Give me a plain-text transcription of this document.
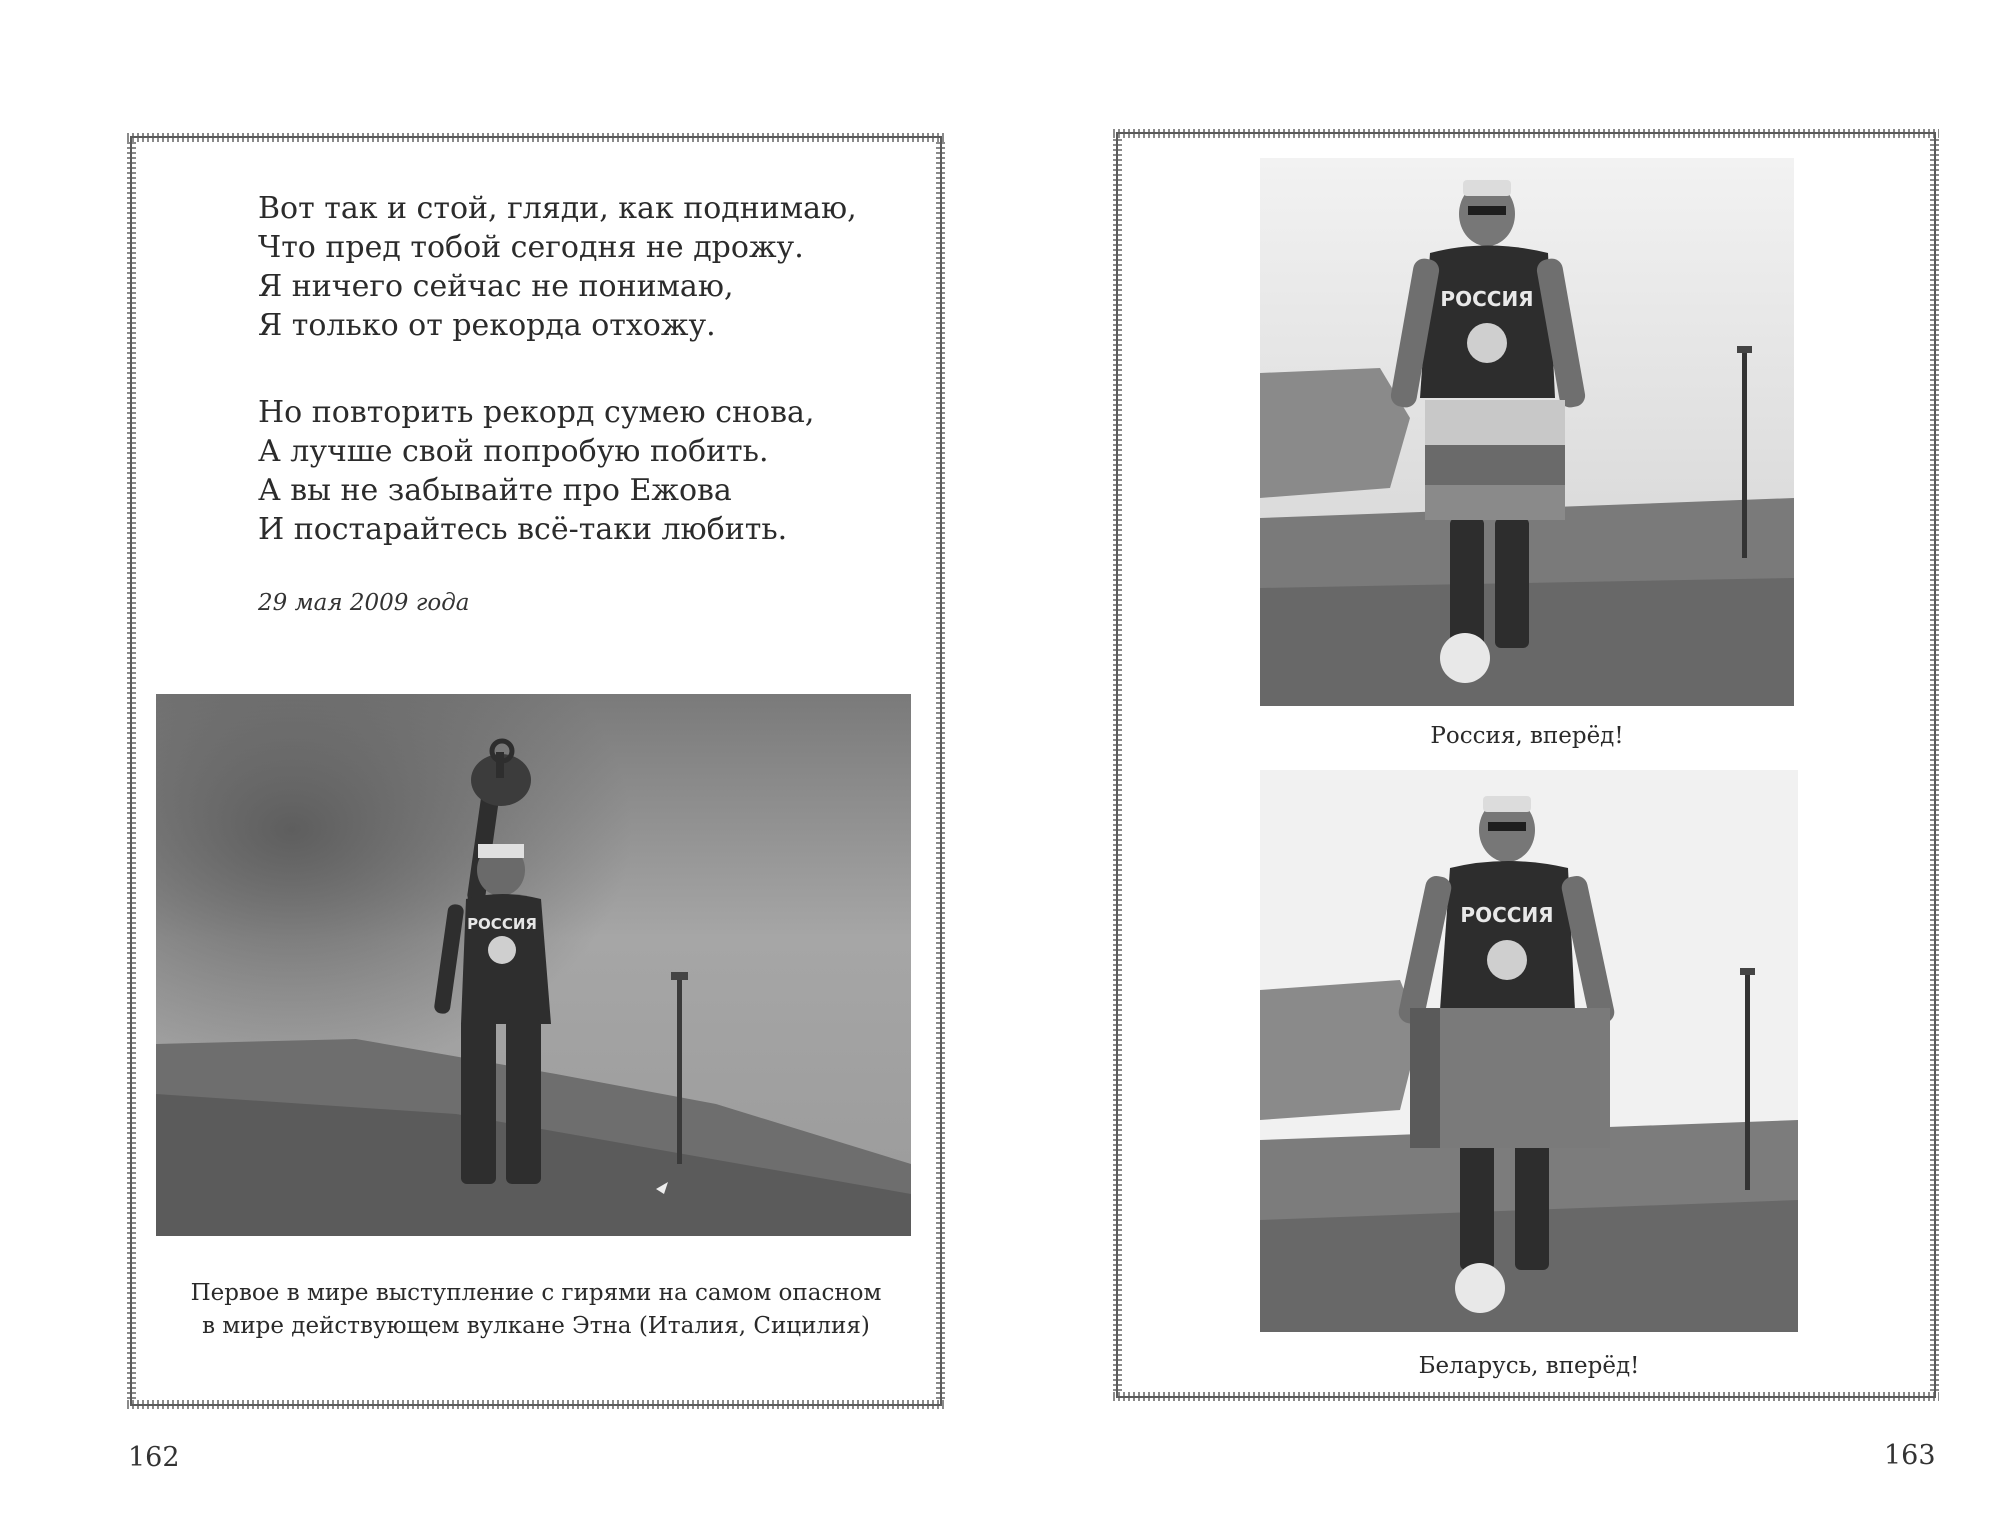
Вот так и стой, гляди, как поднимаю,
Что пред тобой сегодня не дрожу.
Я ничего сейчас не понимаю,
Я только от рекорда отхожу.
Но повторить рекорд сумею снова,
А лучше свой попробую побить.
А вы не забывайте про Ежова
И постарайтесь всё-таки любить.
29 мая 2009 года
РОССИЯ
Первое в мире выступление с гирями на самом опасном
в мире действующем вулкане Этна (Италия, Сицилия)
162
РОССИЯ
Россия, вперёд!
РОССИЯ
Беларусь, вперёд!
163
